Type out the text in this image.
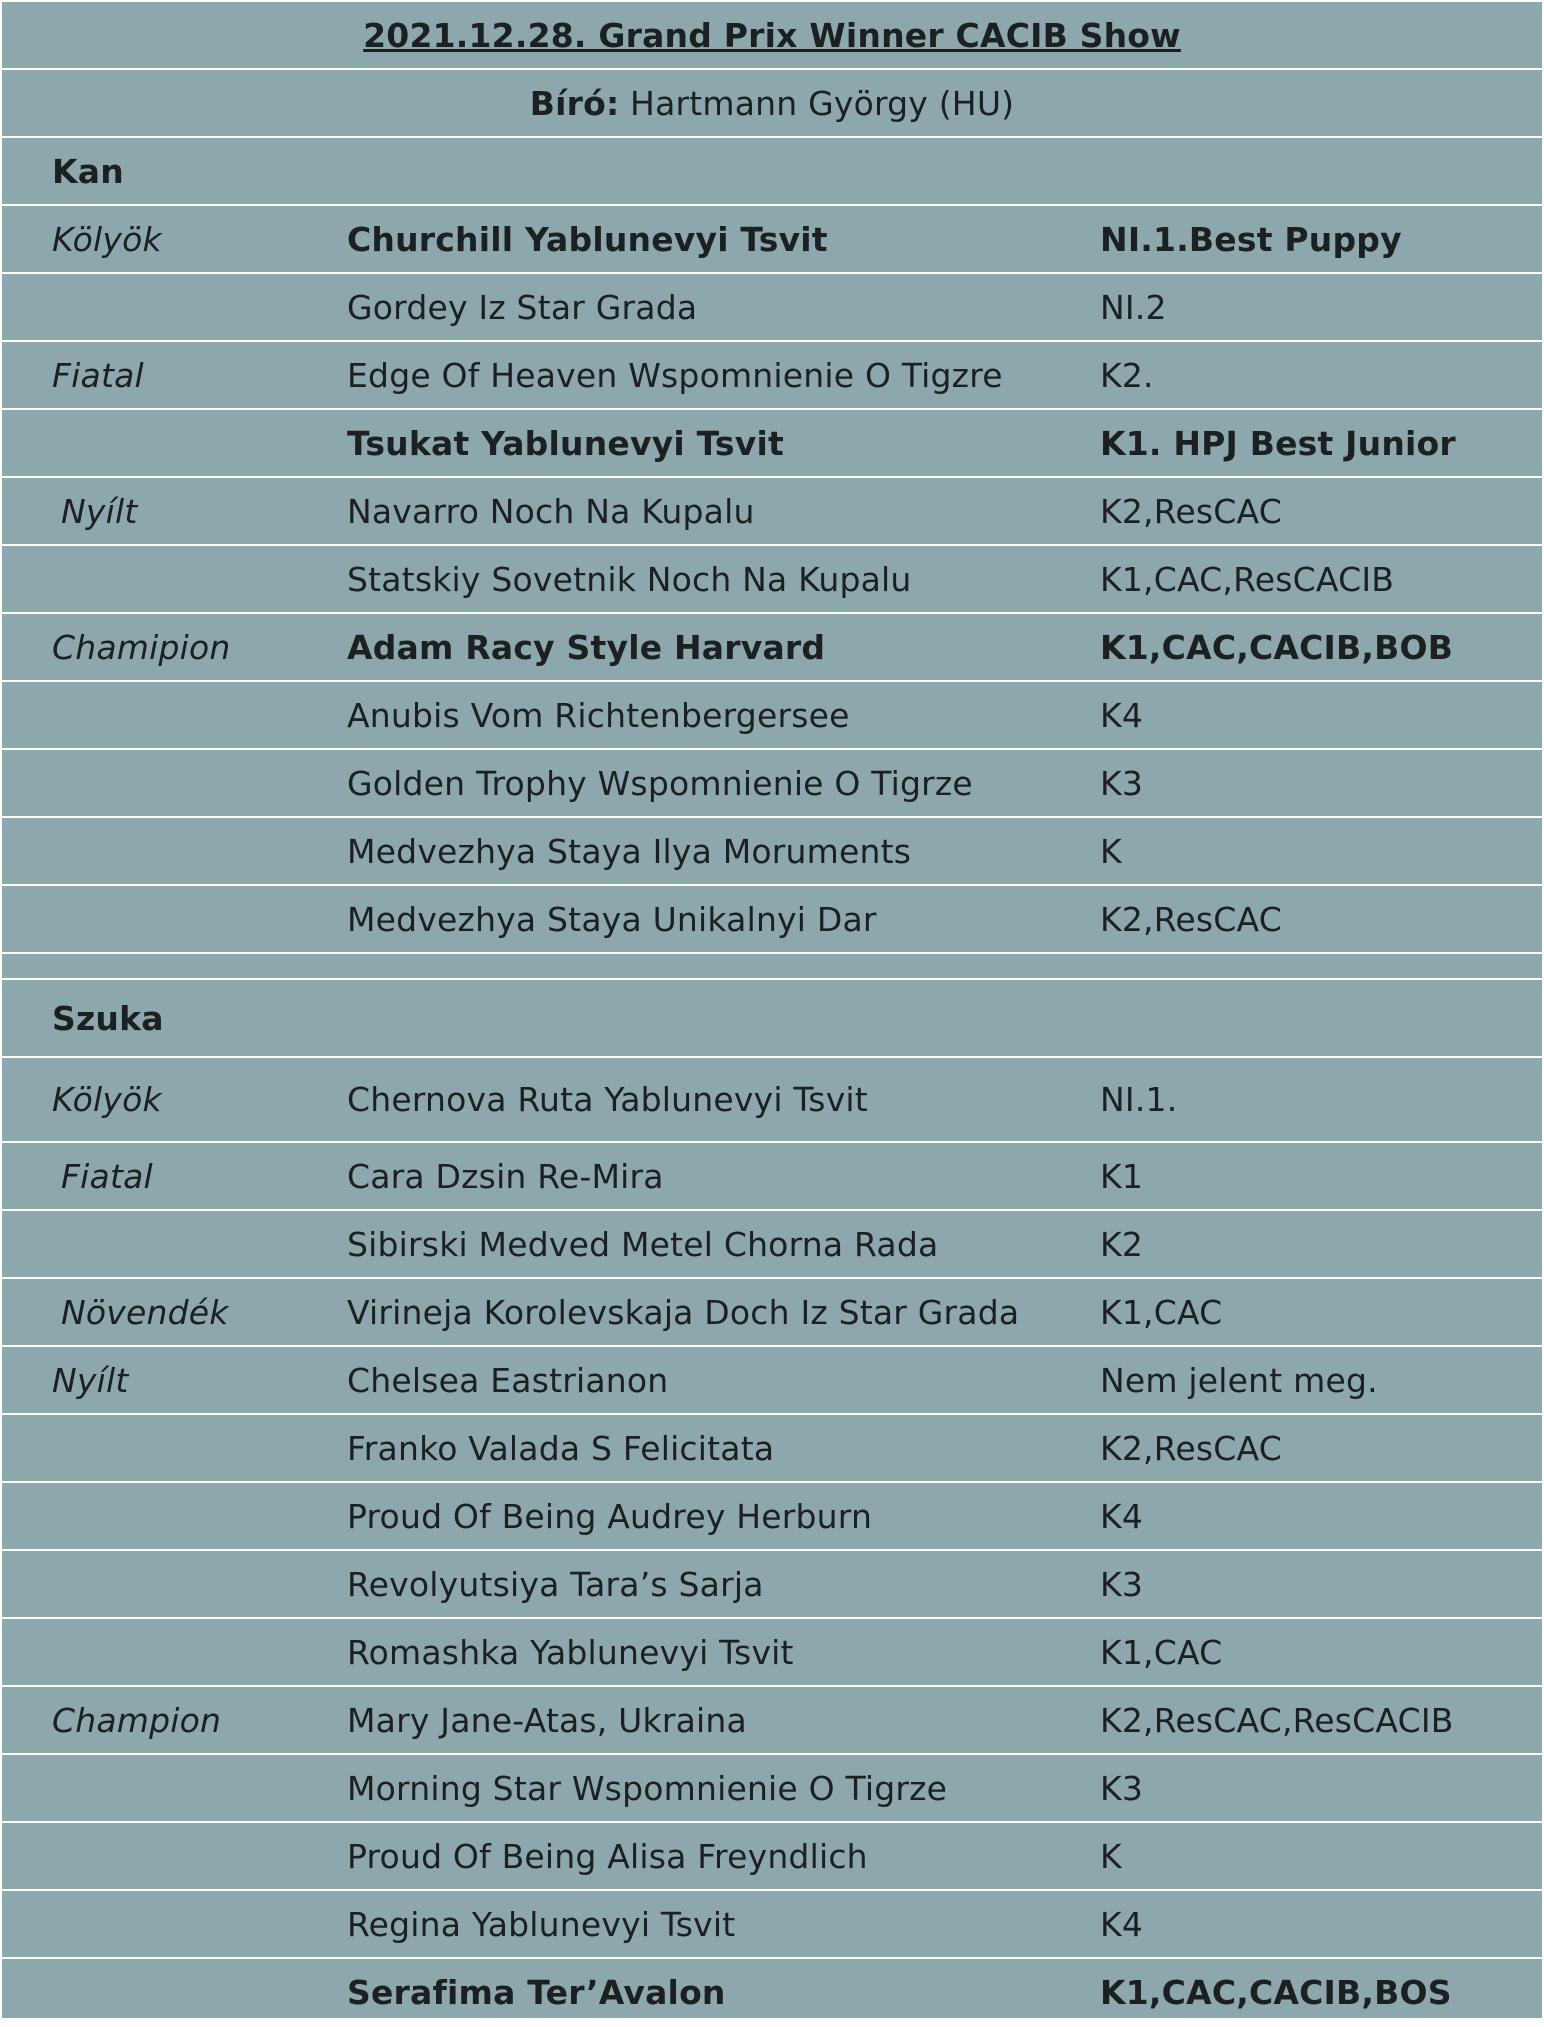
2021.12.28. Grand Prix Winner CACIB Show
Bíró: Hartmann György (HU)
Kan
Kölyök	Churchill Yablunevyi Tsvit	NI.1.Best Puppy
Gordey Iz Star Grada	NI.2
Fiatal	Edge Of Heaven Wspomnienie O Tigzre	K2.
Tsukat Yablunevyi Tsvit	K1. HPJ Best Junior
Nyílt	Navarro Noch Na Kupalu	K2,ResCAC
Statskiy Sovetnik Noch Na Kupalu	K1,CAC,ResCACIB
Chamipion	Adam Racy Style Harvard	K1,CAC,CACIB,BOB
Anubis Vom Richtenbergersee	K4
Golden Trophy Wspomnienie O Tigrze	K3
Medvezhya Staya Ilya Moruments	K
Medvezhya Staya Unikalnyi Dar	K2,ResCAC
Szuka
Kölyök	Chernova Ruta Yablunevyi Tsvit	NI.1.
Fiatal	Cara Dzsin Re-Mira	K1
Sibirski Medved Metel Chorna Rada	K2
Növendék	Virineja Korolevskaja Doch Iz Star Grada K1,CAC
Nyílt	Chelsea Eastrianon	Nem jelent meg.
Franko Valada S Felicitata	K2,ResCAC
Proud Of Being Audrey Herburn	K4
Revolyutsiya Tara’s Sarja	K3
Romashka Yablunevyi Tsvit	K1,CAC
Champion	Mary Jane-Atas, Ukraina	K2,ResCAC,ResCACIB
Morning Star Wspomnienie O Tigrze	K3
Proud Of Being Alisa Freyndlich	K
Regina Yablunevyi Tsvit	K4
Serafima Ter’Avalon	K1,CAC,CACIB,BOS
